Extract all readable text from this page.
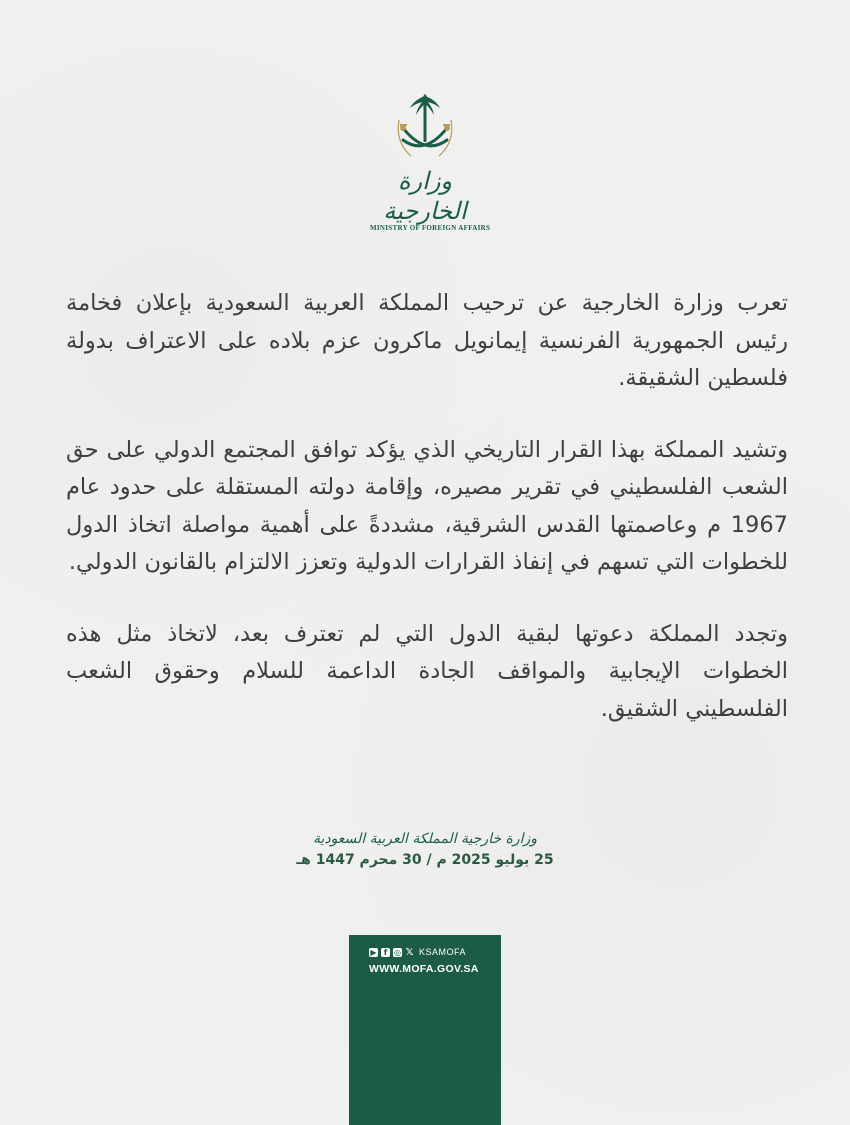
وزارة الخارجية
MINISTRY OF FOREIGN AFFAIRS

تعرب وزارة الخارجية عن ترحيب المملكة العربية السعودية بإعلان فخامة رئيس الجمهورية الفرنسية إيمانويل ماكرون عزم بلاده على الاعتراف بدولة فلسطين الشقيقة.

وتشيد المملكة بهذا القرار التاريخي الذي يؤكد توافق المجتمع الدولي على حق الشعب الفلسطيني في تقرير مصيره، وإقامة دولته المستقلة على حدود عام 1967 م وعاصمتها القدس الشرقية، مشددةً على أهمية مواصلة اتخاذ الدول للخطوات التي تسهم في إنفاذ القرارات الدولية وتعزز الالتزام بالقانون الدولي.

وتجدد المملكة دعوتها لبقية الدول التي لم تعترف بعد، لاتخاذ مثل هذه الخطوات الإيجابية والمواقف الجادة الداعمة للسلام وحقوق الشعب الفلسطيني الشقيق.

وزارة خارجية المملكة العربية السعودية
25 يوليو 2025 م / 30 محرم 1447 هـ
▶ f ◎ 𝕏 KSAMOFA
WWW.MOFA.GOV.SA
